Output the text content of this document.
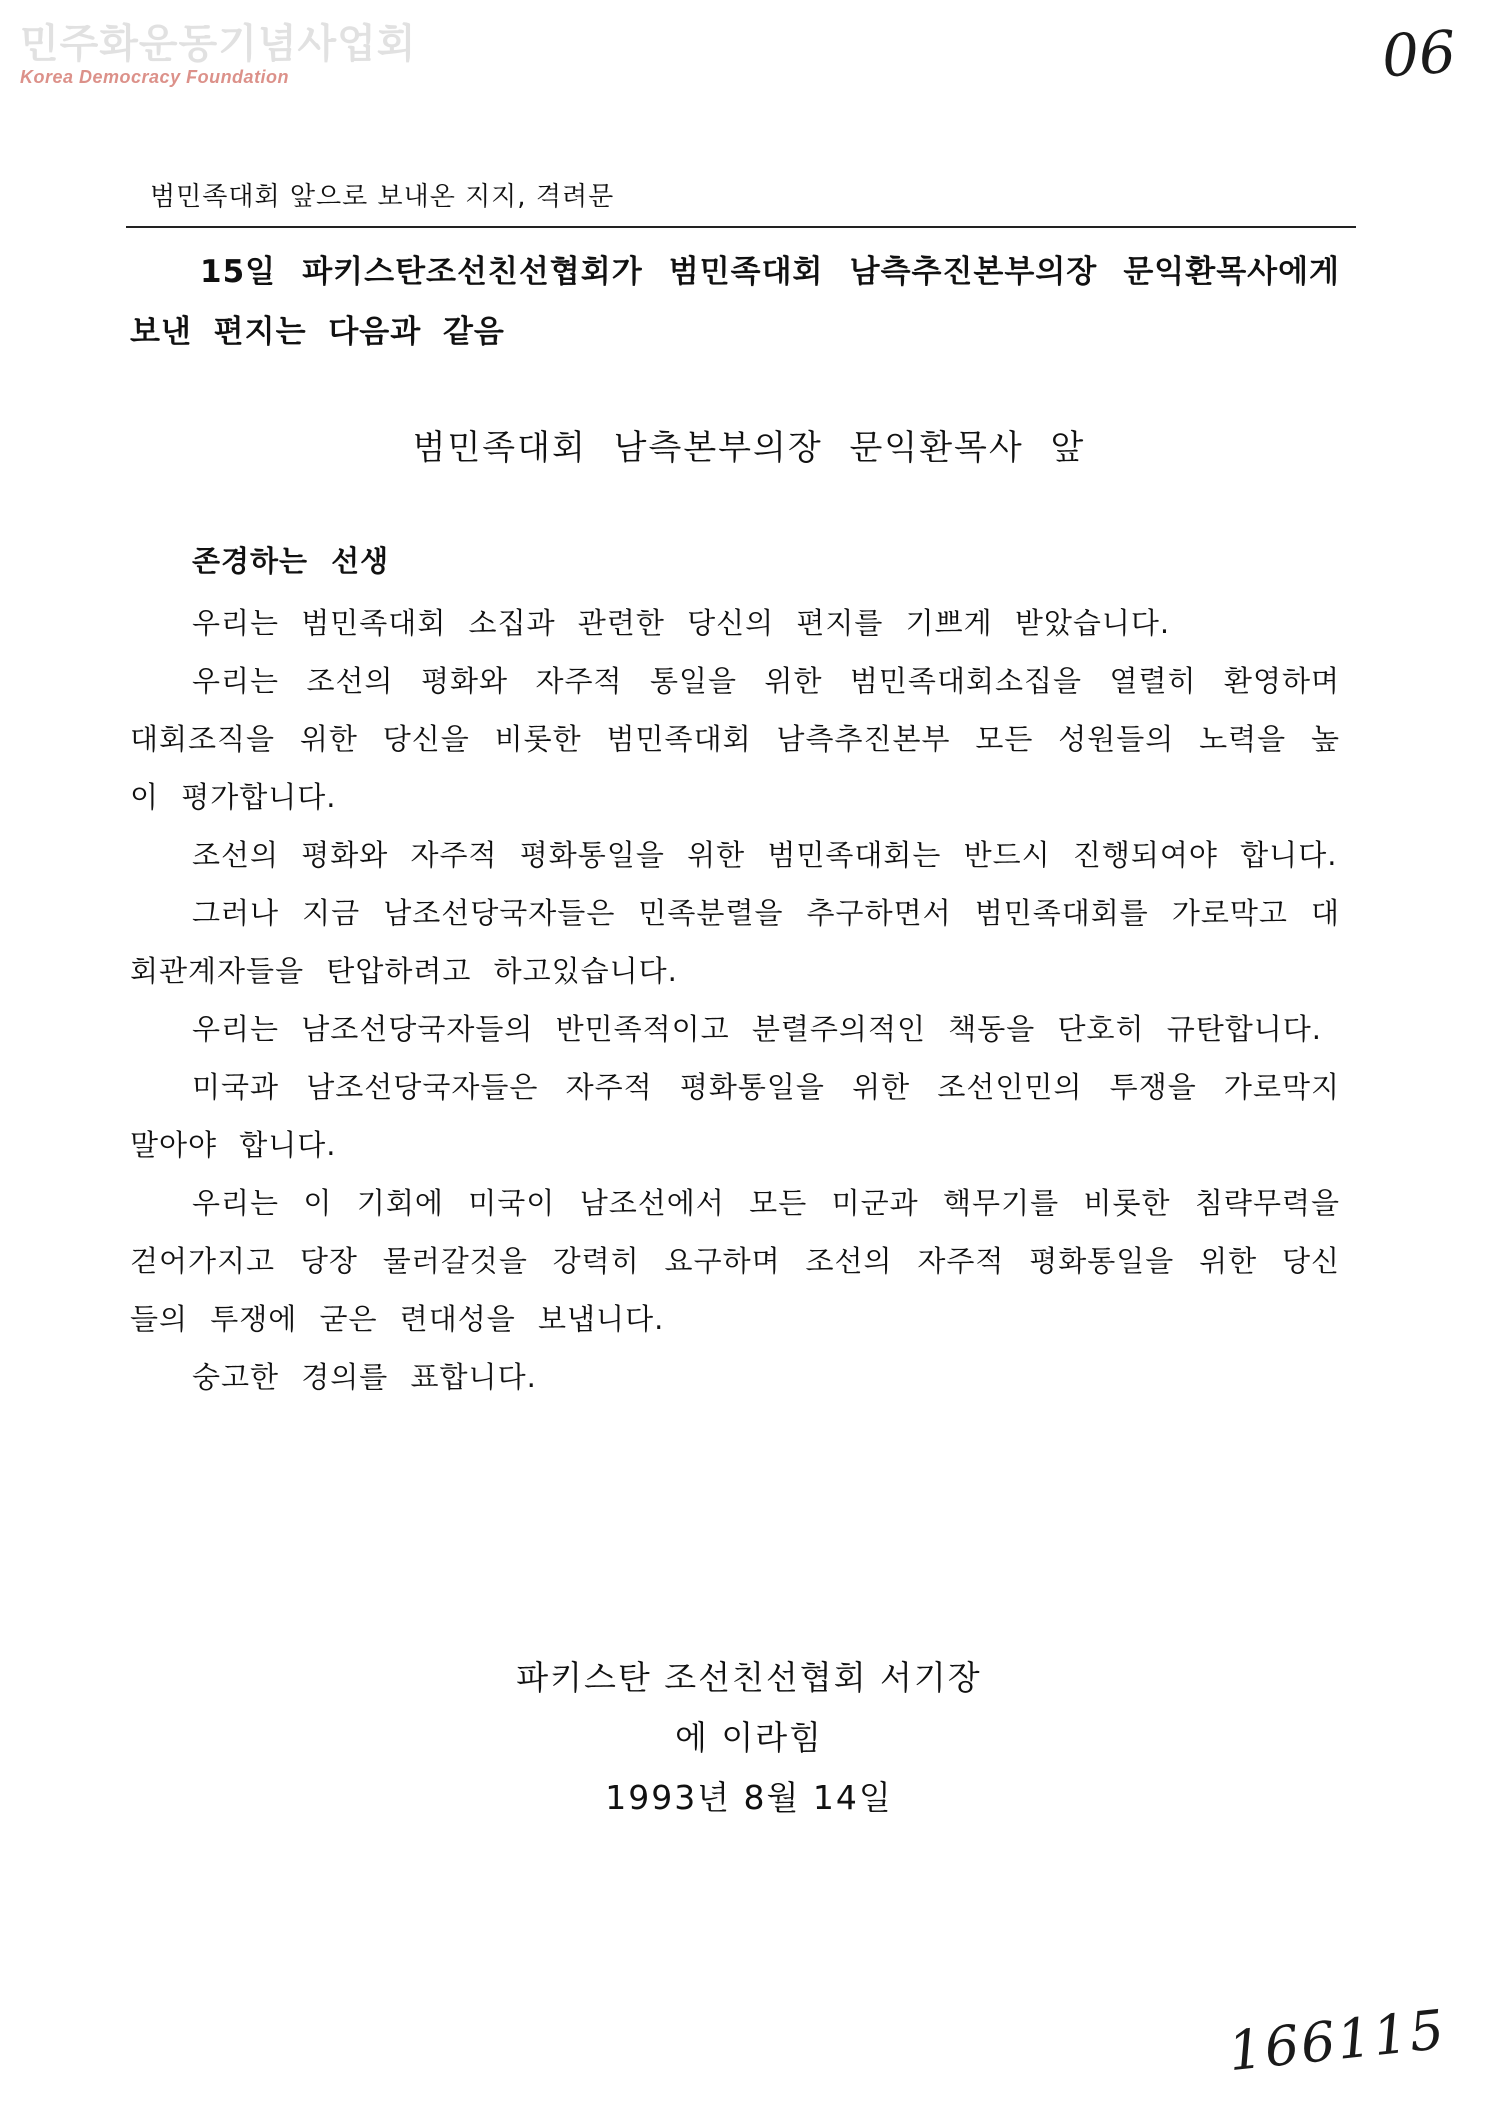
민주화운동기념사업회
Korea Democracy Foundation	06
범민족대회 앞으로 보내온 지지, 격려문
15일 파키스탄조선친선협회가 범민족대회 남측추진본부의장 문익환목사에게 보낸 편지는 다음과 같음
범민족대회 남측본부의장 문익환목사 앞

존경하는 선생

우리는 범민족대회 소집과 관련한 당신의 편지를 기쁘게 받았습니다.

우리는 조선의 평화와 자주적 통일을 위한 범민족대회소집을 열렬히 환영하며 대회조직을 위한 당신을 비롯한 범민족대회 남측추진본부 모든 성원들의 노력을 높이 평가합니다.

조선의 평화와 자주적 평화통일을 위한 범민족대회는 반드시 진행되여야 합니다.

그러나 지금 남조선당국자들은 민족분렬을 추구하면서 범민족대회를 가로막고 대회관계자들을 탄압하려고 하고있습니다.

우리는 남조선당국자들의 반민족적이고 분렬주의적인 책동을 단호히 규탄합니다.

미국과 남조선당국자들은 자주적 평화통일을 위한 조선인민의 투쟁을 가로막지 말아야 합니다.

우리는 이 기회에 미국이 남조선에서 모든 미군과 핵무기를 비롯한 침략무력을 걷어가지고 당장 물러갈것을 강력히 요구하며 조선의 자주적 평화통일을 위한 당신들의 투쟁에 굳은 련대성을 보냅니다.

숭고한 경의를 표합니다.

파키스탄 조선친선협회 서기장
에 이라힘
1993년 8월 14일
166115
